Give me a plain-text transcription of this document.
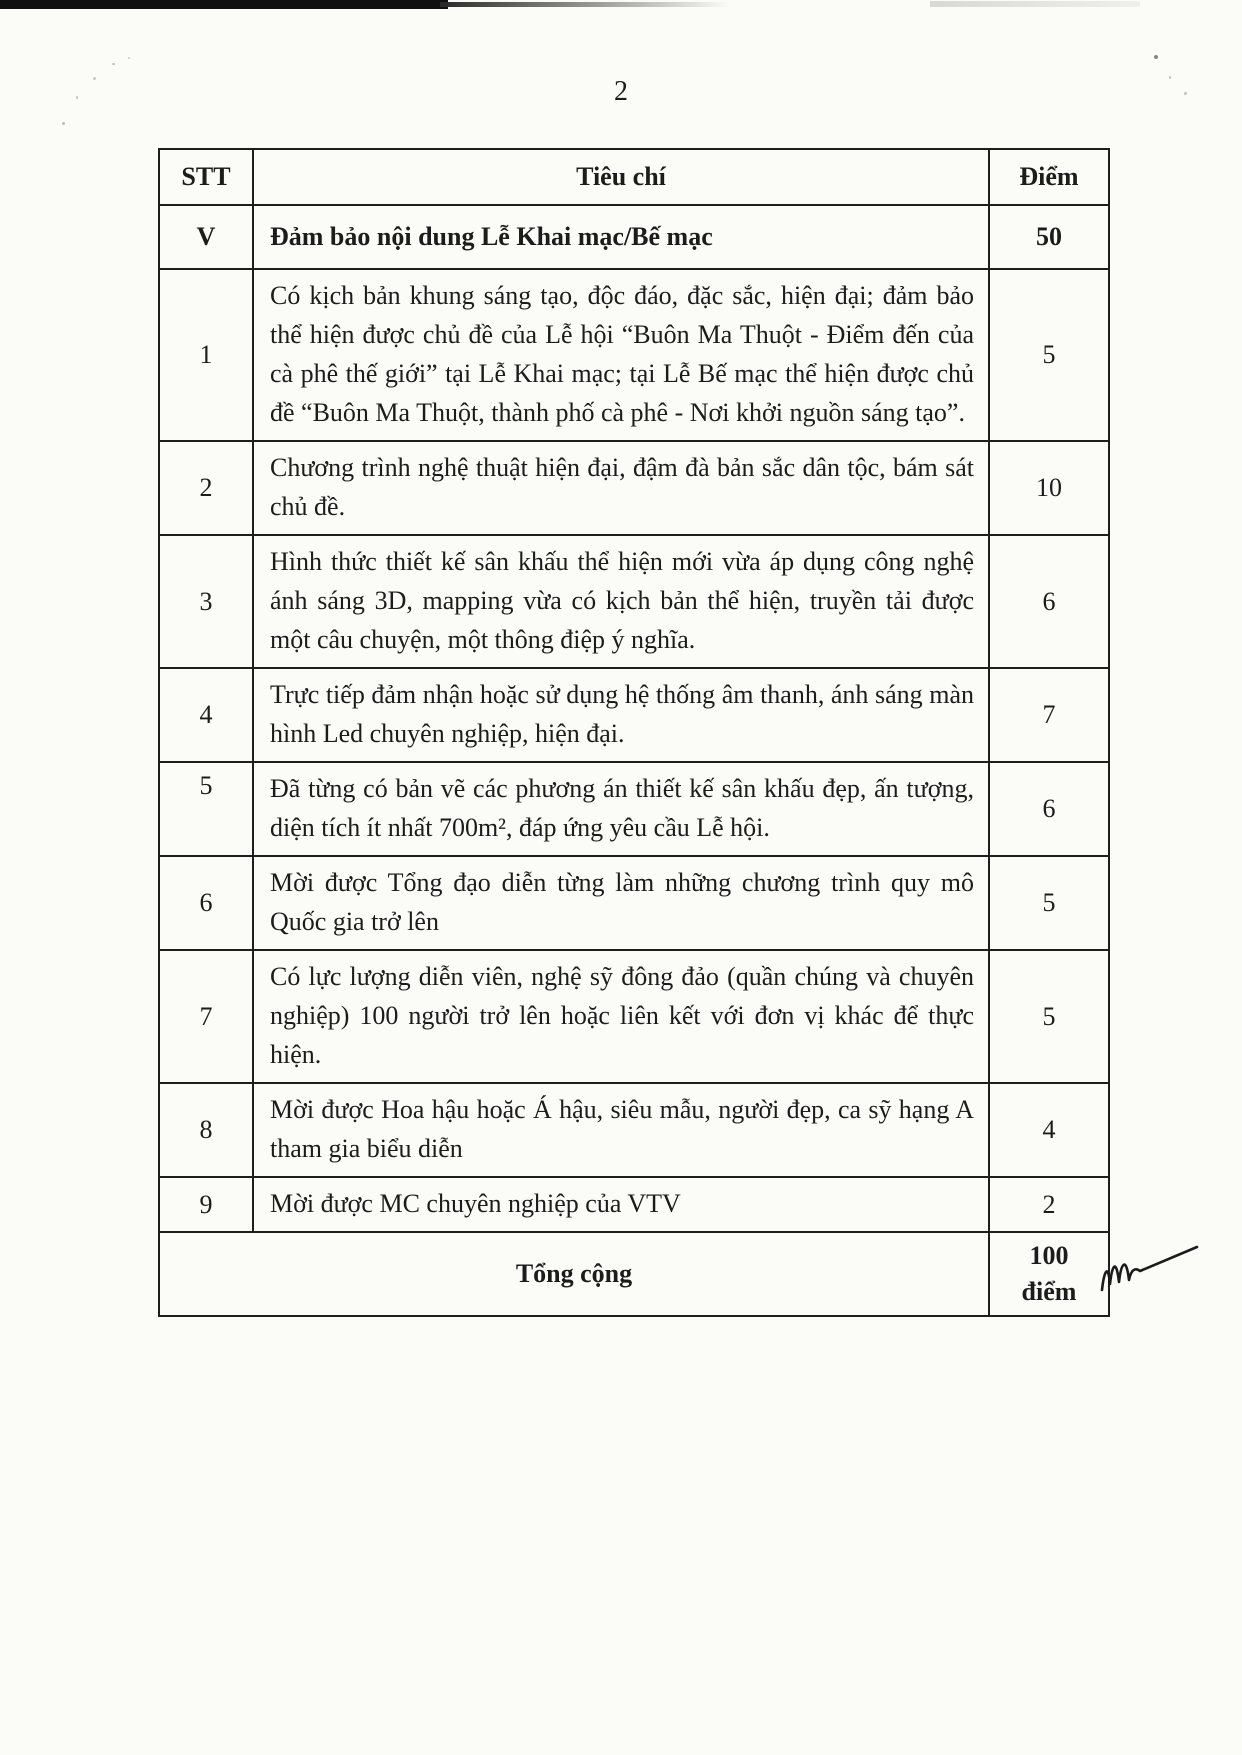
2
STT	Tiêu chí	Điểm
V	Đảm bảo nội dung Lễ Khai mạc/Bế mạc	50
1	Có kịch bản khung sáng tạo, độc đáo, đặc sắc, hiện đại; đảm bảo thể hiện được chủ đề của Lễ hội “Buôn Ma Thuột - Điểm đến của cà phê thế giới” tại Lễ Khai mạc; tại Lễ Bế mạc thể hiện được chủ đề “Buôn Ma Thuột, thành phố cà phê - Nơi khởi nguồn sáng tạo”.	5
2	Chương trình nghệ thuật hiện đại, đậm đà bản sắc dân tộc, bám sát chủ đề.	10
3	Hình thức thiết kế sân khấu thể hiện mới vừa áp dụng công nghệ ánh sáng 3D, mapping vừa có kịch bản thể hiện, truyền tải được một câu chuyện, một thông điệp ý nghĩa.	6
4	Trực tiếp đảm nhận hoặc sử dụng hệ thống âm thanh, ánh sáng màn hình Led chuyên nghiệp, hiện đại.	7
5	Đã từng có bản vẽ các phương án thiết kế sân khấu đẹp, ấn tượng, diện tích ít nhất 700m², đáp ứng yêu cầu Lễ hội.	6
6	Mời được Tổng đạo diễn từng làm những chương trình quy mô Quốc gia trở lên	5
7	Có lực lượng diễn viên, nghệ sỹ đông đảo (quần chúng và chuyên nghiệp) 100 người trở lên hoặc liên kết với đơn vị khác để thực hiện.	5
8	Mời được Hoa hậu hoặc Á hậu, siêu mẫu, người đẹp, ca sỹ hạng A tham gia biểu diễn	4
9	Mời được MC chuyên nghiệp của VTV	2
Tổng cộng		100 điểm
